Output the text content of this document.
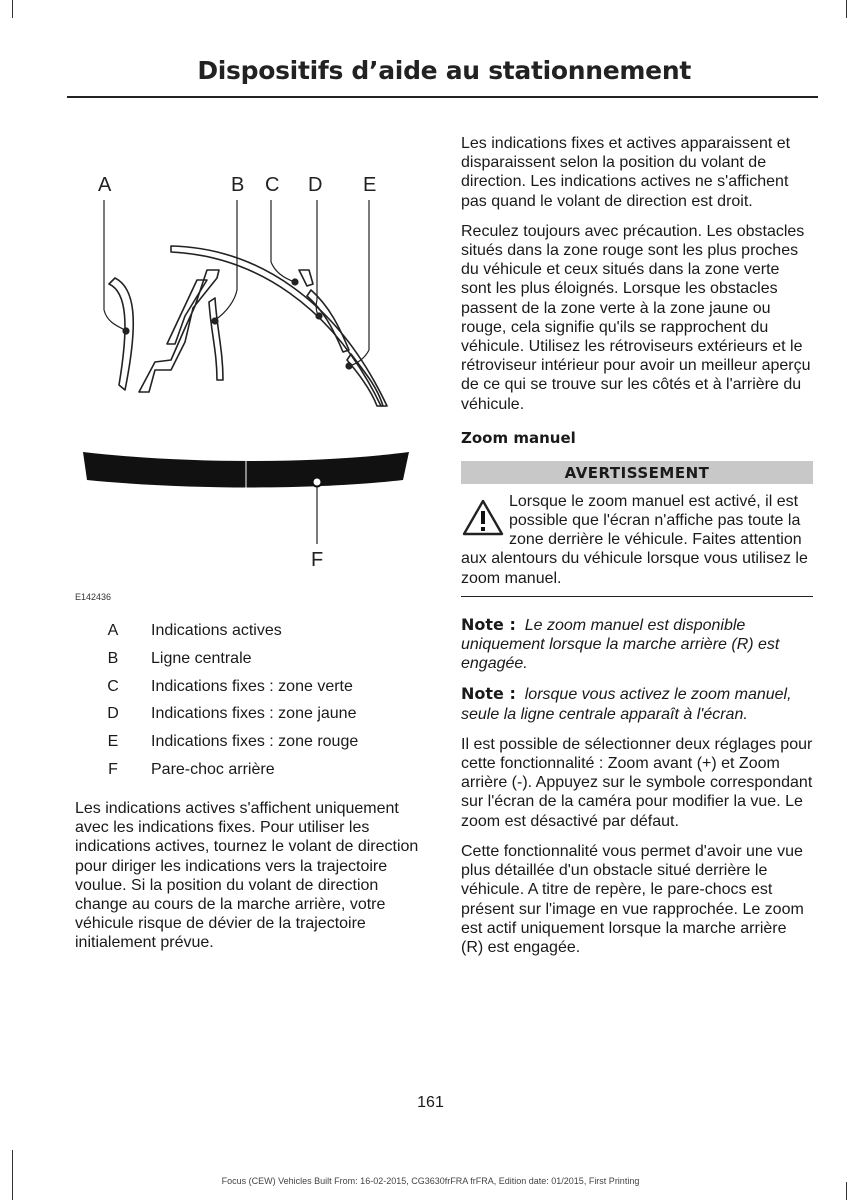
Dispositifs d’aide au stationnement
A	B C D E
F
E142436
A	Indications actives
B	Ligne centrale
C	Indications fixes : zone verte
D	Indications fixes : zone jaune
E	Indications fixes : zone rouge
F	Pare-choc arrière

Les indications actives s'affichent uniquement avec les indications fixes. Pour utiliser les indications actives, tournez le volant de direction pour diriger les indications vers la trajectoire voulue. Si la position du volant de direction change au cours de la marche arrière, votre véhicule risque de dévier de la trajectoire initialement prévue.

Les indications fixes et actives apparaissent et disparaissent selon la position du volant de direction. Les indications actives ne s'affichent pas quand le volant de direction est droit.

Reculez toujours avec précaution. Les obstacles situés dans la zone rouge sont les plus proches du véhicule et ceux situés dans la zone verte sont les plus éloignés. Lorsque les obstacles passent de la zone verte à la zone jaune ou rouge, cela signifie qu'ils se rapprochent du véhicule. Utilisez les rétroviseurs extérieurs et le rétroviseur intérieur pour avoir un meilleur aperçu de ce qui se trouve sur les côtés et à l'arrière du véhicule.

Zoom manuel
AVERTISSEMENT

Lorsque le zoom manuel est activé, il est possible que l'écran n'affiche pas toute la zone derrière le véhicule. Faites attention aux alentours du véhicule lorsque vous utilisez le zoom manuel.

Note : Le zoom manuel est disponible uniquement lorsque la marche arrière (R) est engagée.

Note : lorsque vous activez le zoom manuel, seule la ligne centrale apparaît à l'écran.

Il est possible de sélectionner deux réglages pour cette fonctionnalité : Zoom avant (+) et Zoom arrière (-). Appuyez sur le symbole correspondant sur l'écran de la caméra pour modifier la vue. Le zoom est désactivé par défaut.

Cette fonctionnalité vous permet d'avoir une vue plus détaillée d'un obstacle situé derrière le véhicule. A titre de repère, le pare-chocs est présent sur l'image en vue rapprochée. Le zoom est actif uniquement lorsque la marche arrière (R) est engagée.

161
Focus (CEW) Vehicles Built From: 16-02-2015, CG3630frFRA frFRA, Edition date: 01/2015, First Printing
